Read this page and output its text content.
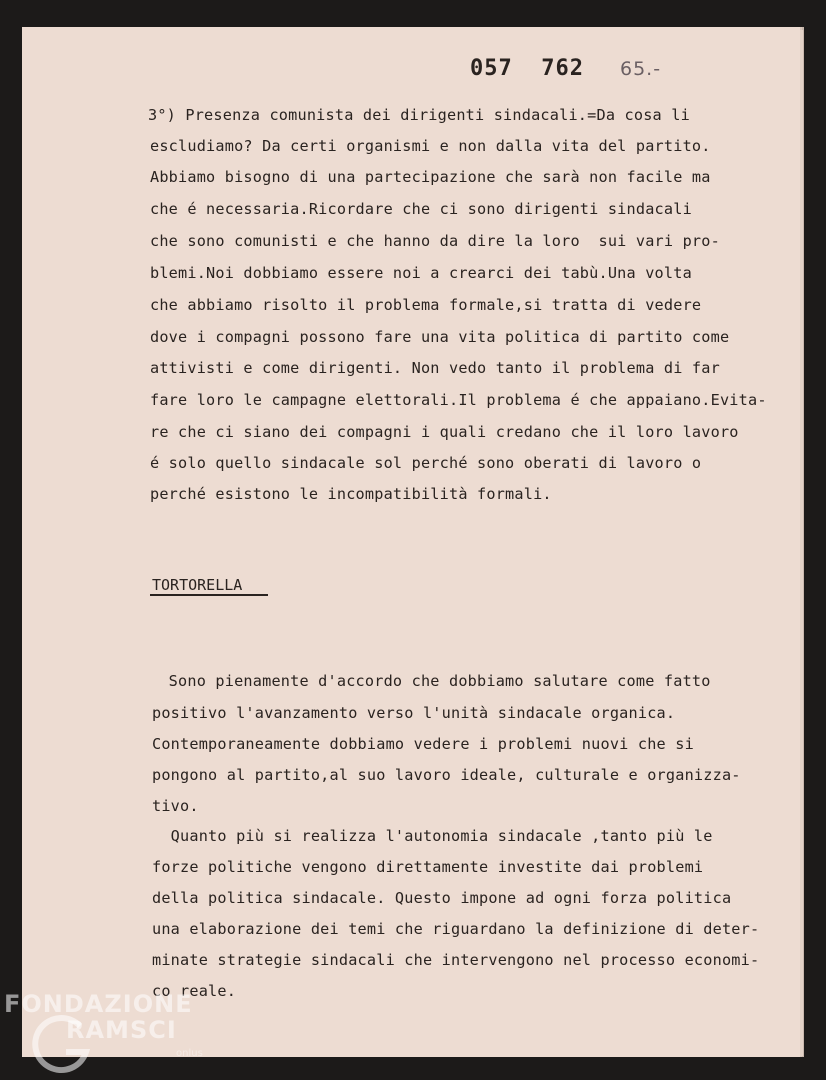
057  762 65.-
3°) Presenza comunista dei dirigenti sindacali.=Da cosa li
escludiamo? Da certi organismi e non dalla vita del partito.
Abbiamo bisogno di una partecipazione che sarà non facile ma
che é necessaria.Ricordare che ci sono dirigenti sindacali
che sono comunisti e che hanno da dire la loro  sui vari pro-
blemi.Noi dobbiamo essere noi a crearci dei tabù.Una volta
che abbiamo risolto il problema formale,si tratta di vedere
dove i compagni possono fare una vita politica di partito come
attivisti e come dirigenti. Non vedo tanto il problema di far
fare loro le campagne elettorali.Il problema é che appaiano.Evita-
re che ci siano dei compagni i quali credano che il loro lavoro
é solo quello sindacale sol perché sono oberati di lavoro o
perché esistono le incompatibilità formali.
TORTORELLA
Sono pienamente d'accordo che dobbiamo salutare come fatto
positivo l'avanzamento verso l'unità sindacale organica.
Contemporaneamente dobbiamo vedere i problemi nuovi che si
pongono al partito,al suo lavoro ideale, culturale e organizza-
tivo.
Quanto più si realizza l'autonomia sindacale ,tanto più le
forze politiche vengono direttamente investite dai problemi
della politica sindacale. Questo impone ad ogni forza politica
una elaborazione dei temi che riguardano la definizione di deter-
minate strategie sindacali che intervengono nel processo economi-
co reale.
FONDAZIONE
RAMSCI
onlus
